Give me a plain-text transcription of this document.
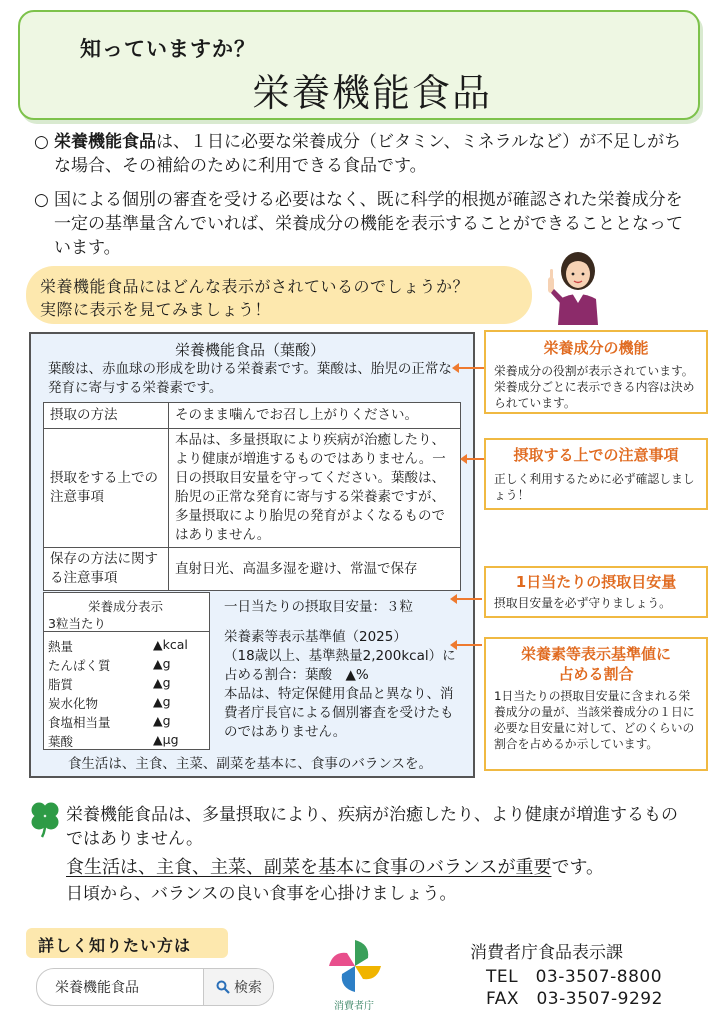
知っていますか？
栄養機能食品
○ 栄養機能食品は、１日に必要な栄養成分（ビタミン、ミネラルなど）が不足しがちな場合、その補給のために利用できる食品です。
○ 国による個別の審査を受ける必要はなく、既に科学的根拠が確認された栄養成分を一定の基準量含んでいれば、栄養成分の機能を表示することができることとなっています。
栄養機能食品にはどんな表示がされているのでしょうか？
実際に表示を見てみましょう！
栄養機能食品（葉酸）
葉酸は、赤血球の形成を助ける栄養素です。葉酸は、胎児の正常な発育に寄与する栄養素です。
摂取の方法	そのまま噛んでお召し上がりください。
摂取をする上での注意事項	本品は、多量摂取により疾病が治癒したり、より健康が増進するものではありません。一日の摂取目安量を守ってください。葉酸は、胎児の正常な発育に寄与する栄養素ですが、多量摂取により胎児の発育がよくなるものではありません。
保存の方法に関する注意事項	直射日光、高温多湿を避け、常温で保存
栄養成分表示
3粒当たり
熱量	▲kcal
たんぱく質	▲g
脂質	▲g
炭水化物	▲g
食塩相当量	▲g
葉酸	▲μg
一日当たりの摂取目安量：３粒
栄養素等表示基準値（2025）
（18歳以上、基準熱量2,200kcal）に
占める割合：葉酸　▲%
本品は、特定保健用食品と異なり、消費者庁長官による個別審査を受けたものではありません。
食生活は、主食、主菜、副菜を基本に、食事のバランスを。
栄養成分の機能
栄養成分の役割が表示されています。栄養成分ごとに表示できる内容は決められています。
摂取する上での注意事項
正しく利用するために必ず確認しましょう！
1日当たりの摂取目安量
摂取目安量を必ず守りましょう。
栄養素等表示基準値に
占める割合
1日当たりの摂取目安量に含まれる栄養成分の量が、当該栄養成分の１日に必要な目安量に対して、どのくらいの割合を占めるか示しています。
栄養機能食品は、多量摂取により、疾病が治癒したり、より健康が増進するものではありません。
食生活は、主食、主菜、副菜を基本に食事のバランスが重要です。
日頃から、バランスの良い食事を心掛けましょう。
詳しく知りたい方は
栄養機能食品
検索
消費者庁
消費者庁食品表示課
TEL　03-3507-8800
FAX　03-3507-9292
